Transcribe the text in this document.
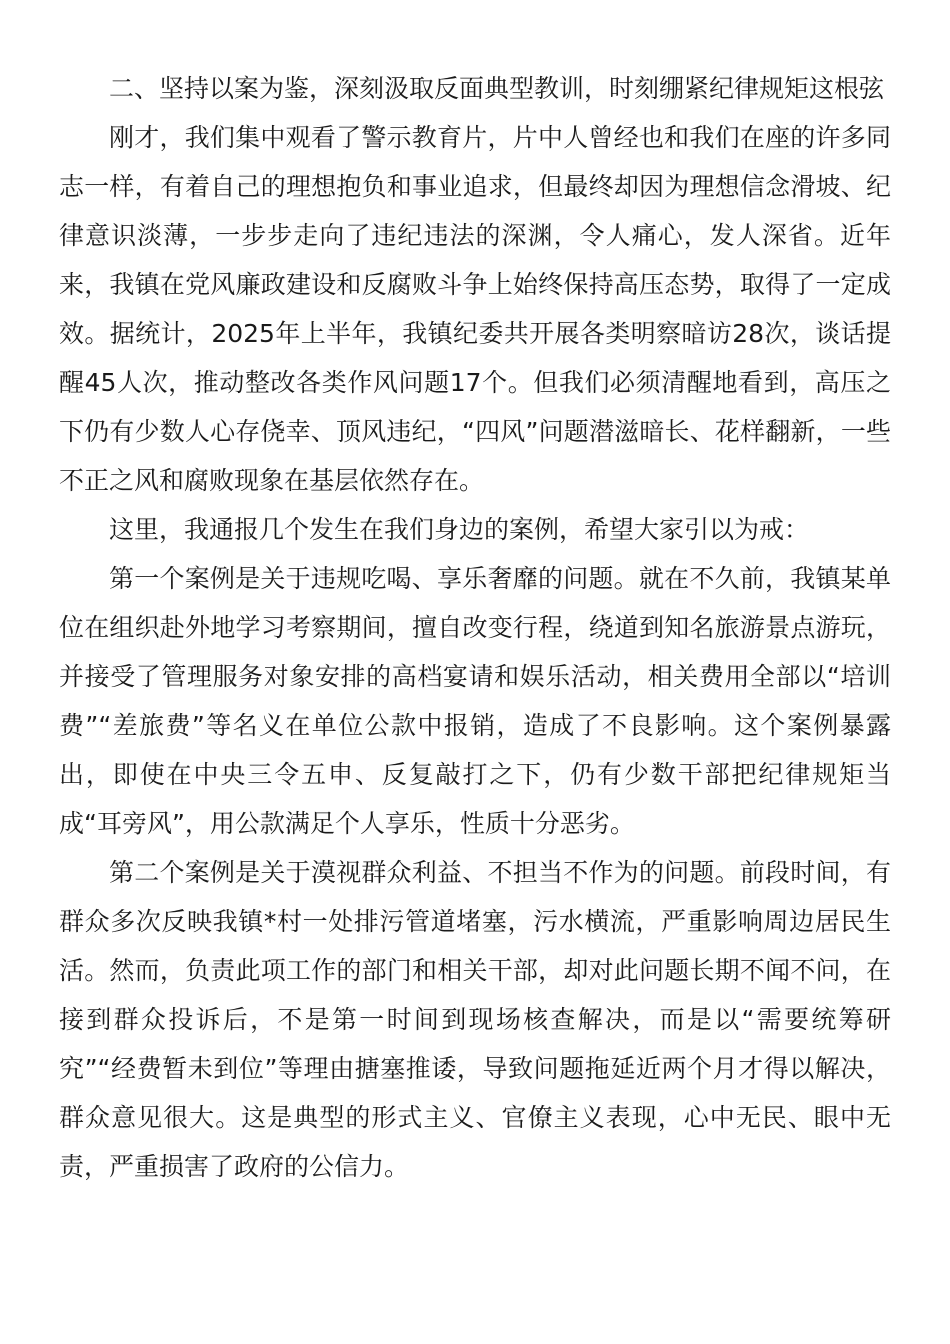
二、坚持以案为鉴，深刻汲取反面典型教训，时刻绷紧纪律规矩这根弦

刚才，我们集中观看了警示教育片，片中人曾经也和我们在座的许多同志一样，有着自己的理想抱负和事业追求，但最终却因为理想信念滑坡、纪律意识淡薄，一步步走向了违纪违法的深渊，令人痛心，发人深省。近年来，我镇在党风廉政建设和反腐败斗争上始终保持高压态势，取得了一定成效。据统计，2025年上半年，我镇纪委共开展各类明察暗访28次，谈话提醒45人次，推动整改各类作风问题17个。但我们必须清醒地看到，高压之下仍有少数人心存侥幸、顶风违纪，“四风”问题潜滋暗长、花样翻新，一些不正之风和腐败现象在基层依然存在。

这里，我通报几个发生在我们身边的案例，希望大家引以为戒：

第一个案例是关于违规吃喝、享乐奢靡的问题。就在不久前，我镇某单位在组织赴外地学习考察期间，擅自改变行程，绕道到知名旅游景点游玩，并接受了管理服务对象安排的高档宴请和娱乐活动，相关费用全部以“培训费”“差旅费”等名义在单位公款中报销，造成了不良影响。这个案例暴露出，即使在中央三令五申、反复敲打之下，仍有少数干部把纪律规矩当成“耳旁风”，用公款满足个人享乐，性质十分恶劣。

第二个案例是关于漠视群众利益、不担当不作为的问题。前段时间，有群众多次反映我镇*村一处排污管道堵塞，污水横流，严重影响周边居民生活。然而，负责此项工作的部门和相关干部，却对此问题长期不闻不问，在接到群众投诉后，不是第一时间到现场核查解决，而是以“需要统筹研究”“经费暂未到位”等理由搪塞推诿，导致问题拖延近两个月才得以解决，群众意见很大。这是典型的形式主义、官僚主义表现，心中无民、眼中无责，严重损害了政府的公信力。
